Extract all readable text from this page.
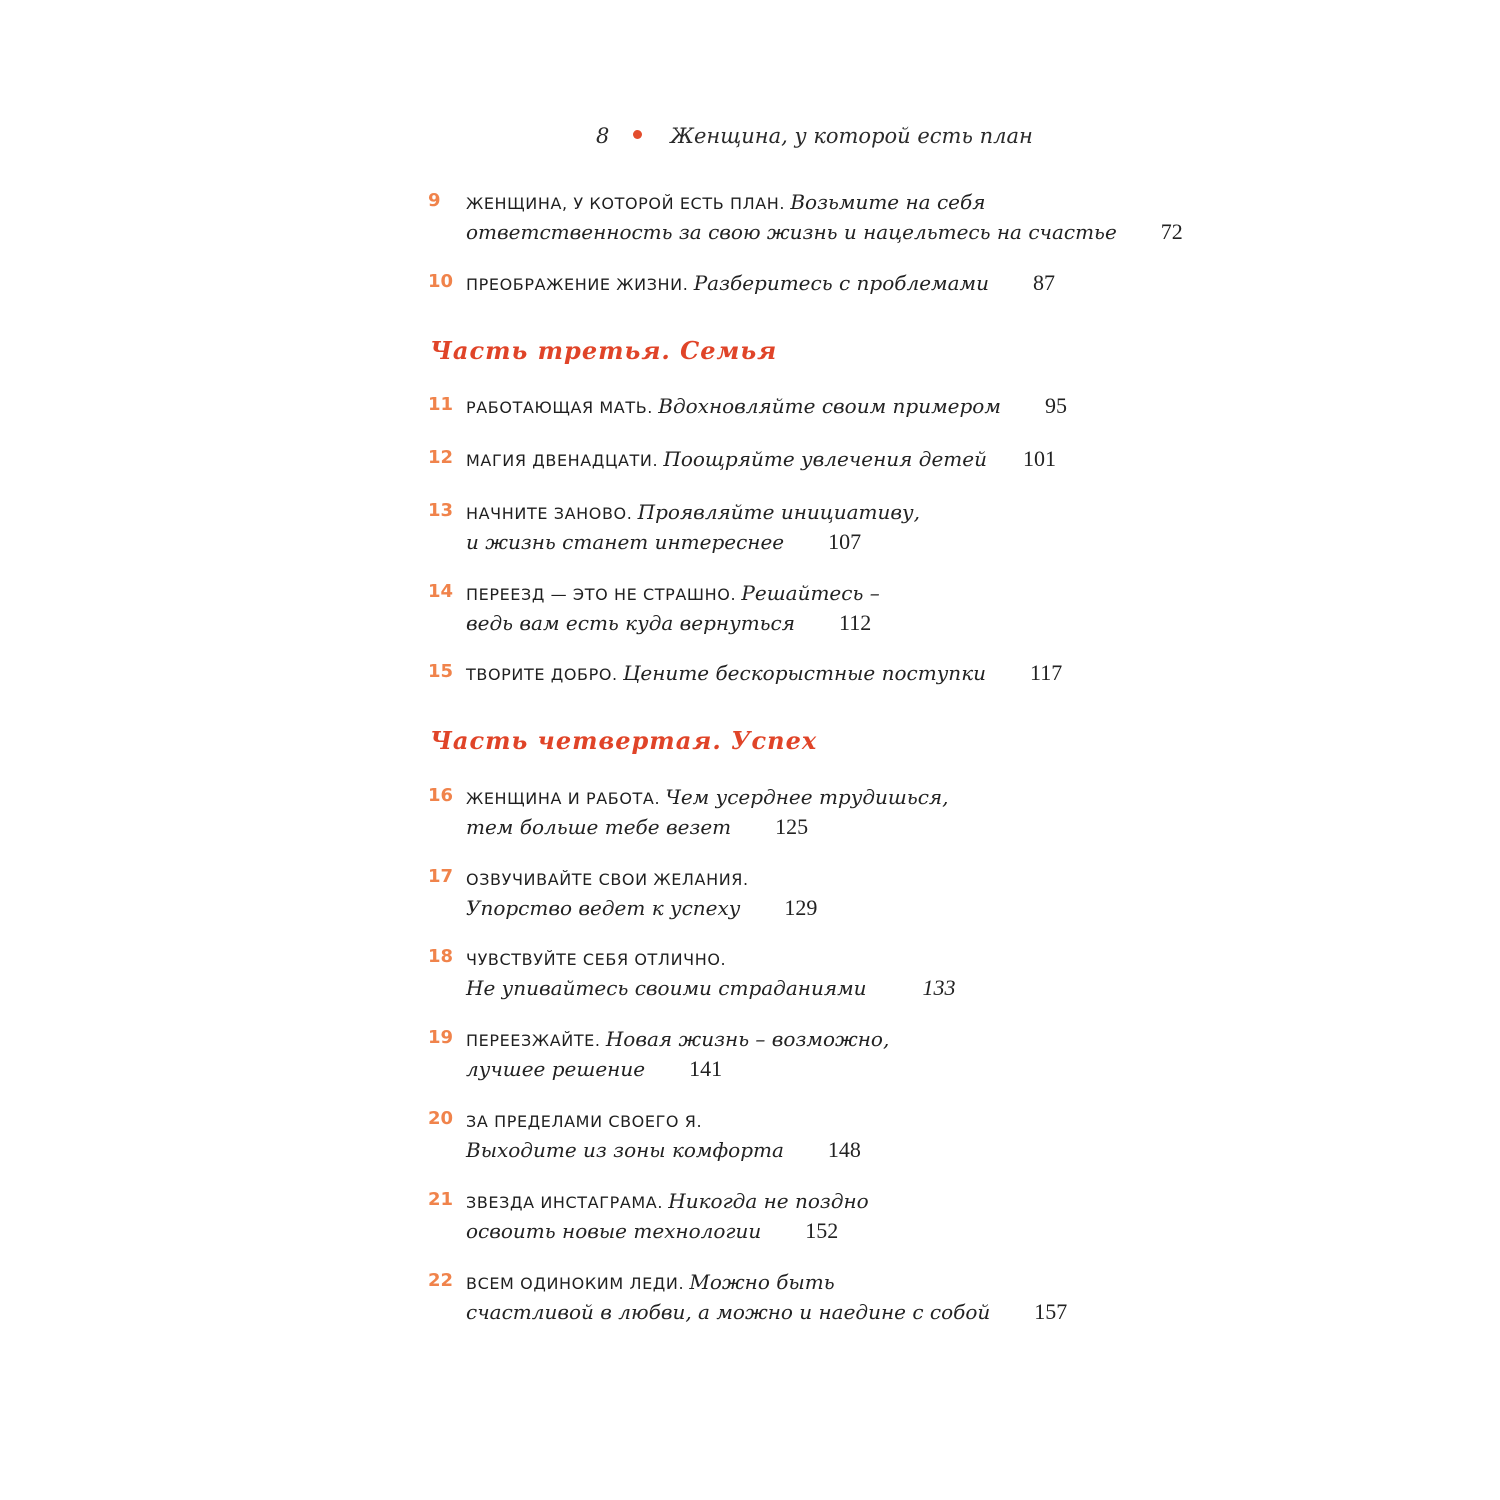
8	Женщина, у которой есть план
9 ЖЕНЩИНА, У КОТОРОЙ ЕСТЬ ПЛАН. Возьмите на себя
ответственность за свою жизнь и нацельтесь на счастье 72
10 ПРЕОБРАЖЕНИЕ ЖИЗНИ. Разберитесь с проблемами 87
Часть третья. Семья
11 РАБОТАЮЩАЯ МАТЬ. Вдохновляйте своим примером 95
12 МАГИЯ ДВЕНАДЦАТИ. Поощряйте увлечения детей 101
13 НАЧНИТЕ ЗАНОВО. Проявляйте инициативу,
и жизнь станет интереснее 107
14 ПЕРЕЕЗД — ЭТО НЕ СТРАШНО. Решайтесь –
ведь вам есть куда вернуться 112
15 ТВОРИТЕ ДОБРО. Цените бескорыстные поступки 117
Часть четвертая. Успех
16 ЖЕНЩИНА И РАБОТА. Чем усерднее трудишься,
тем больше тебе везет 125
17 ОЗВУЧИВАЙТЕ СВОИ ЖЕЛАНИЯ.
Упорство ведет к успеху 129
18 ЧУВСТВУЙТЕ СЕБЯ ОТЛИЧНО.
Не упивайтесь своими страданиями	133
19 ПЕРЕЕЗЖАЙТЕ. Новая жизнь – возможно,
лучшее решение 141
20 ЗА ПРЕДЕЛАМИ СВОЕГО Я.
Выходите из зоны комфорта 148
21 ЗВЕЗДА ИНСТАГРАМА. Никогда не поздно
освоить новые технологии 152
22 ВСЕМ ОДИНОКИМ ЛЕДИ. Можно быть
счастливой в любви, а можно и наедине с собой 157
